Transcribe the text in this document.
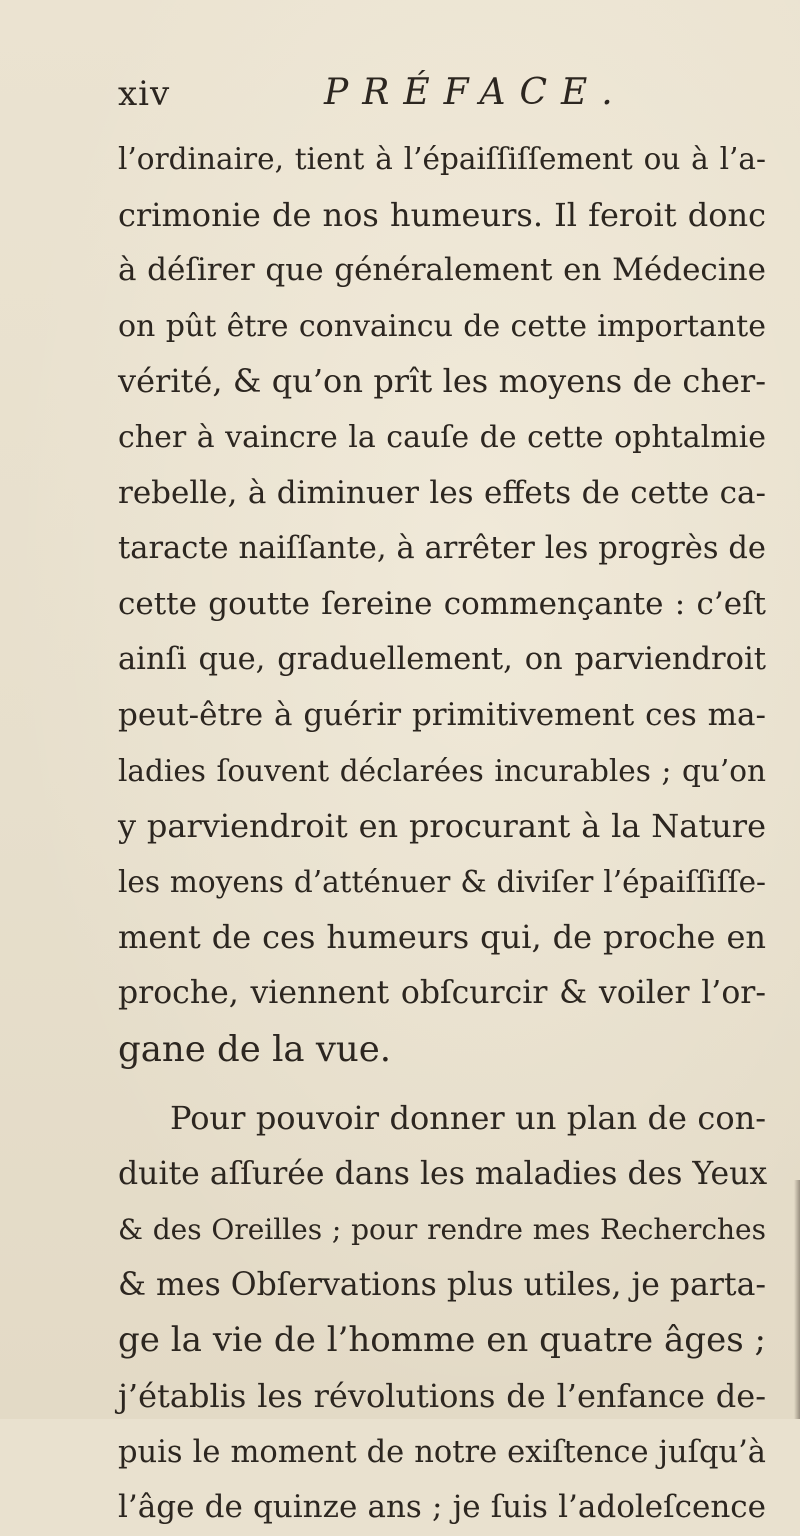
xiv	PRÉFACE.
l’ordinaire, tient à l’épaiſſiſſement ou à l’a-
crimonie de nos humeurs. Il feroit donc
à déſirer que généralement en Médecine
on pût être convaincu de cette importante
vérité, & qu’on prît les moyens de cher-
cher à vaincre la cauſe de cette ophtalmie
rebelle, à diminuer les effets de cette ca-
taracte naiſſante, à arrêter les progrès de
cette goutte ſereine commençante : c’eſt
ainſi que, graduellement, on parviendroit
peut-être à guérir primitivement ces ma-
ladies ſouvent déclarées incurables ; qu’on
y parviendroit en procurant à la Nature
les moyens d’atténuer & diviſer l’épaiſſiſſe-
ment de ces humeurs qui, de proche en
proche, viennent obſcurcir & voiler l’or-
gane de la vue.
Pour pouvoir donner un plan de con-
duite aſſurée dans les maladies des Yeux
& des Oreilles ; pour rendre mes Recherches
& mes Obſervations plus utiles, je parta-
ge la vie de l’homme en quatre âges ;
j’établis les révolutions de l’enfance de-
puis le moment de notre exiſtence juſqu’à
l’âge de quinze ans ; je ſuis l’adoleſcence
